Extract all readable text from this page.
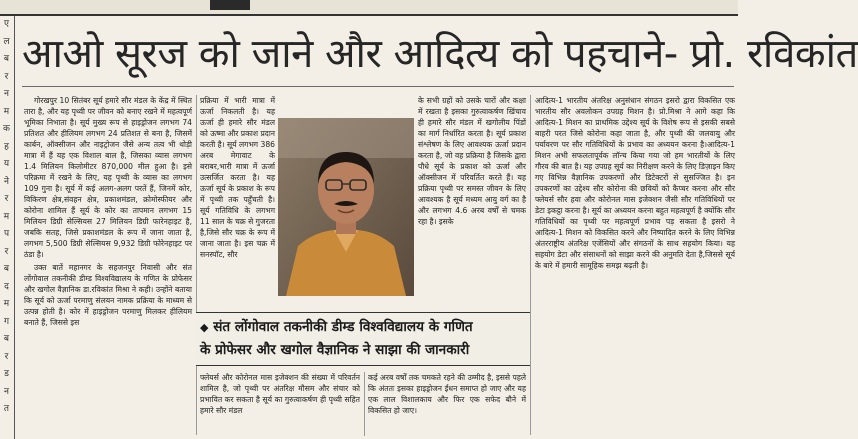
ए
ल
ब
र
न
म
क
ह
य
ने
र
म
प
र
ब
द
म
ग
ब
र
ड
न
त
आओ सूरज को जाने और आदित्य को पहचाने- प्रो. रविकांत

गोरखपुर 10 सितंबर सूर्य हमारे सौर मंडल के केंद्र में स्थित तारा है, और यह पृथ्वी पर जीवन को बनाए रखने में महत्वपूर्ण भूमिका निभाता है। सूर्य मुख्य रूप से हाइड्रोजन लगभग 74 प्रतिशत और हीलियम लगभग 24 प्रतिशत से बना है, जिसमें कार्बन, ऑक्सीजन और नाइट्रोजन जैसे अन्य तत्व भी थोड़ी मात्रा में हैं यह एक विशाल बाल है, जिसका व्यास लगभग 1.4 मिलियन किलोमीटर 870,000 मील हुआ है। इसे परिक्रमा में रखने के लिए, यह पृथ्वी के व्यास का लगभग 109 गुना है। सूर्य में कई अलग-अलग परतें हैं, जिनमें कोर, विकिरण क्षेत्र,संवहन क्षेत्र, प्रकाशमंडल, क्रोमोस्फीयर और कोरोना शामिल हैं सूर्य के कोर का तापमान लगभग 15 मिलियन डिग्री सेल्सियस 27 मिलियन डिग्री फारेनहाइट है, जबकि सतह, जिसे प्रकाशमंडल के रूप में जाना जाता है, लगभग 5,500 डिग्री सेल्सियस 9,932 डिग्री फोरेनहाइट पर ठंडा है।

उक्त बातें महानगर के सहजनपुर निवासी और संत लोंगोवाल तकनीकी डीम्ड विश्वविद्यालय के गणित के प्रोफेसर और खगोल वैज्ञानिक डा.रविकांत मिश्रा ने कही। उन्होंने बताया कि सूर्य को ऊर्जा परमाणु संलयन नामक प्रक्रिया के माध्यम से उत्पन्न होती है। कोर में हाइड्रोजन परमाणु मिलकर हीलियम बनाते हैं, जिससे इस

प्रक्रिया में भारी मात्रा में ऊर्जा निकलती है। यह ऊर्जा ही हमारे सौर मंडल को ऊष्मा और प्रकाश प्रदान करती है। सूर्य लगभग 386 अरब मेगावाट के बराबर,भारी मात्रा में ऊर्जा उत्सर्जित करता है। यह ऊर्जा सूर्य के प्रकाश के रूप में पृथ्वी तक पहुँचती है। सूर्य गतिविधि के लगभग 11 साल के चक्र से गुजरता है,जिसे सौर चक्र के रूप में जाना जाता है। इस चक्र में सनस्पॉट, सौर

के सभी ग्रहों को उसके चारों और कक्षा में रखता है इसका गुरुत्वाकर्षण खिंचाव ही हमारे सौर मंडल में खगोलीय पिंडों का मार्ग निर्धारित करता है। सूर्य प्रकाश संश्लेषण के लिए आवश्यक ऊर्जा प्रदान करता है, जो वह प्रक्रिया है जिसके द्वारा पौधे सूर्य के प्रकाश को ऊर्जा और ऑक्सीजन में परिवर्तित करते हैं। यह प्रक्रिया पृथ्वी पर समस्त जीवन के लिए आवश्यक है सूर्य मध्यम आयु वर्ग का है और लगभग 4.6 अरब वर्षों से चमक रहा है। इसके

आदित्य-1 भारतीय अंतरिक्ष अनुसंधान संगठन इसरो द्वारा विकसित एक भारतीय सौर अवलोकन उपग्रह मिशन है। प्रो.मिश्रा ने आगे कहा कि आदित्य-1 मिशन का प्राथमिक उद्देश्य सूर्य के विशेष रूप से इसकी सबसे बाहरी परत जिसे कोरोना कहा जाता है, और पृथ्वी की जलवायु और पर्यावरण पर सौर गतिविधियों के प्रभाव का अध्ययन करना है।आदित्य-1 मिशन अभी सफलतापूर्वक लॉन्च किया गया जो हम भारतीयों के लिए गौरव की बात है। यह उपग्रह सूर्य का निरीक्षण करने के लिए डिज़ाइन किए गए विभिन्न वैज्ञानिक उपकरणों और डिटेक्टरों से सुसज्जित है। इन उपकरणों का उद्देश्य सौर कोरोना की छवियों को कैप्चर करना और सौर फ्लेयर्स सौर हवा और कोरोनल मास इजेक्शन जैसी सौर गतिविधियों पर डेटा इकट्ठा करना है। सूर्य का अध्ययन करना बहुत महत्वपूर्ण है क्योंकि सौर गतिविधियों का पृथ्वी पर महत्वपूर्ण प्रभाव पड़ सकता है इसरो ने आदित्य-1 मिशन को विकसित करने और निष्पादित करने के लिए विभिन्न अंतरराष्ट्रीय अंतरिक्ष एजेंसियों और संगठनों के साथ सहयोग किया। यह सहयोग डेटा और संसाधनों को साझा करने की अनुमति देता है,जिससे सूर्य के बारे में हमारी सामूहिक समझ बढ़ती है।

◆ संत लोंगोवाल तकनीकी डीम्ड विश्वविद्यालय के गणित
के प्रोफेसर और खगोल वैज्ञानिक ने साझा की जानकारी

फ्लेयर्स और कोरोनल मास इजेक्शन की संख्या में परिवर्तन शामिल है, जो पृथ्वी पर अंतरिक्ष मौसम और संचार को प्रभावित कर सकता है सूर्य का गुरुत्वाकर्षण ही पृथ्वी सहित हमारे सौर मंडल

कई अरब वर्षों तक चमकते रहने की उम्मीद है, इससे पहले कि अंततः इसका हाइड्रोजन ईंधन समाप्त हो जाए और यह एक लाल विशालकाय और फिर एक सफेद बौने में विकसित हो जाए।
